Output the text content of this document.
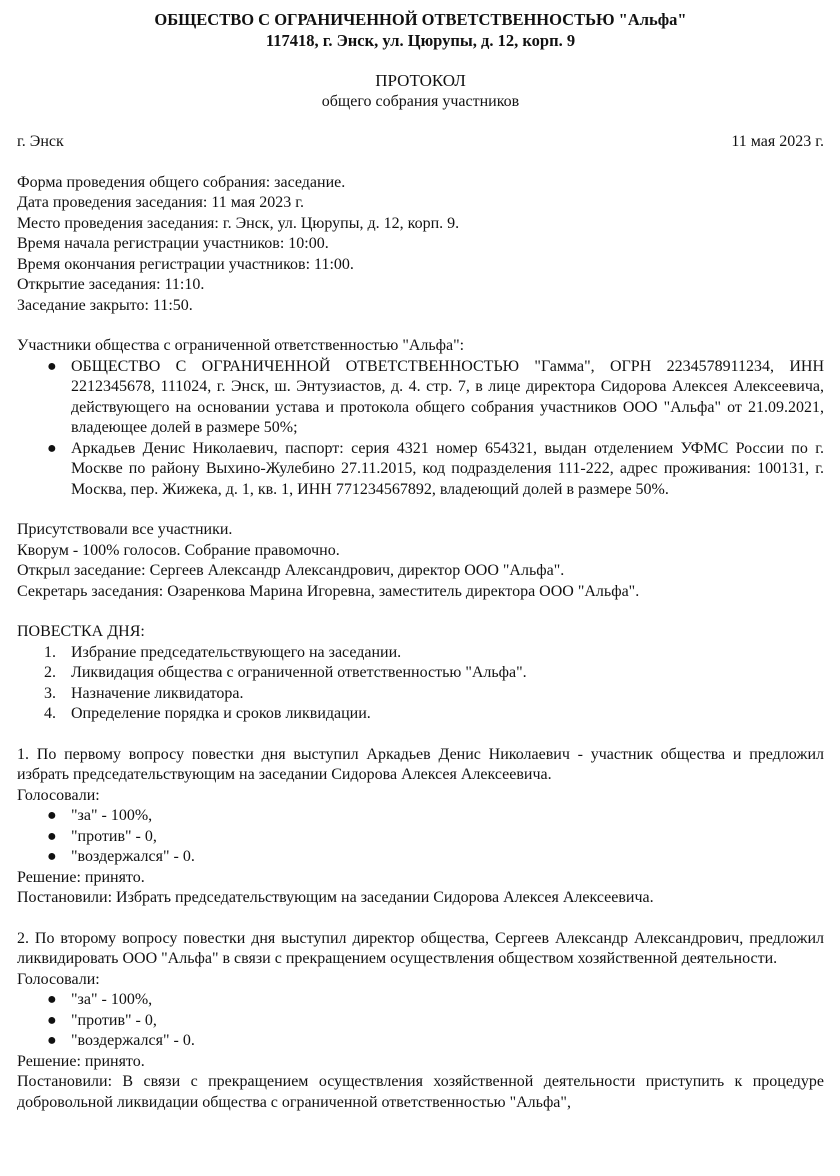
ОБЩЕСТВО С ОГРАНИЧЕННОЙ ОТВЕТСТВЕННОСТЬЮ "Альфа"
117418, г. Энск, ул. Цюрупы, д. 12, корп. 9
ПРОТОКОЛ
общего собрания участников
г. Энск	11 мая 2023 г.
Форма проведения общего собрания: заседание.
Дата проведения заседания: 11 мая 2023 г.
Место проведения заседания: г. Энск, ул. Цюрупы, д. 12, корп. 9.
Время начала регистрации участников: 10:00.
Время окончания регистрации участников: 11:00.
Открытие заседания: 11:10.
Заседание закрыто: 11:50.
Участники общества с ограниченной ответственностью "Альфа":
● ОБЩЕСТВО С ОГРАНИЧЕННОЙ ОТВЕТСТВЕННОСТЬЮ "Гамма", ОГРН 2234578911234, ИНН 2212345678, 111024, г. Энск, ш. Энтузиастов, д. 4. стр. 7, в лице директора Сидорова Алексея Алексеевича, действующего на основании устава и протокола общего собрания участников ООО "Альфа" от 21.09.2021, владеющее долей в размере 50%;
● Аркадьев Денис Николаевич, паспорт: серия 4321 номер 654321, выдан отделением УФМС России по г. Москве по району Выхино-Жулебино 27.11.2015, код подразделения 111-222, адрес проживания: 100131, г. Москва, пер. Жижека, д. 1, кв. 1, ИНН 771234567892, владеющий долей в размере 50%.
Присутствовали все участники.
Кворум - 100% голосов. Собрание правомочно.
Открыл заседание: Сергеев Александр Александрович, директор ООО "Альфа".
Секретарь заседания: Озаренкова Марина Игоревна, заместитель директора ООО "Альфа".
ПОВЕСТКА ДНЯ:
1. Избрание председательствующего на заседании.
2. Ликвидация общества с ограниченной ответственностью "Альфа".
3. Назначение ликвидатора.
4. Определение порядка и сроков ликвидации.
1. По первому вопросу повестки дня выступил Аркадьев Денис Николаевич - участник общества и предложил избрать председательствующим на заседании Сидорова Алексея Алексеевича.
Голосовали:
● "за" - 100%,
● "против" - 0,
● "воздержался" - 0.
Решение: принято.
Постановили: Избрать председательствующим на заседании Сидорова Алексея Алексеевича.
2. По второму вопросу повестки дня выступил директор общества, Сергеев Александр Александрович, предложил ликвидировать ООО "Альфа" в связи с прекращением осуществления обществом хозяйственной деятельности.
Голосовали:
● "за" - 100%,
● "против" - 0,
● "воздержался" - 0.
Решение: принято.
Постановили: В связи с прекращением осуществления хозяйственной деятельности приступить к процедуре добровольной ликвидации общества с ограниченной ответственностью "Альфа",
